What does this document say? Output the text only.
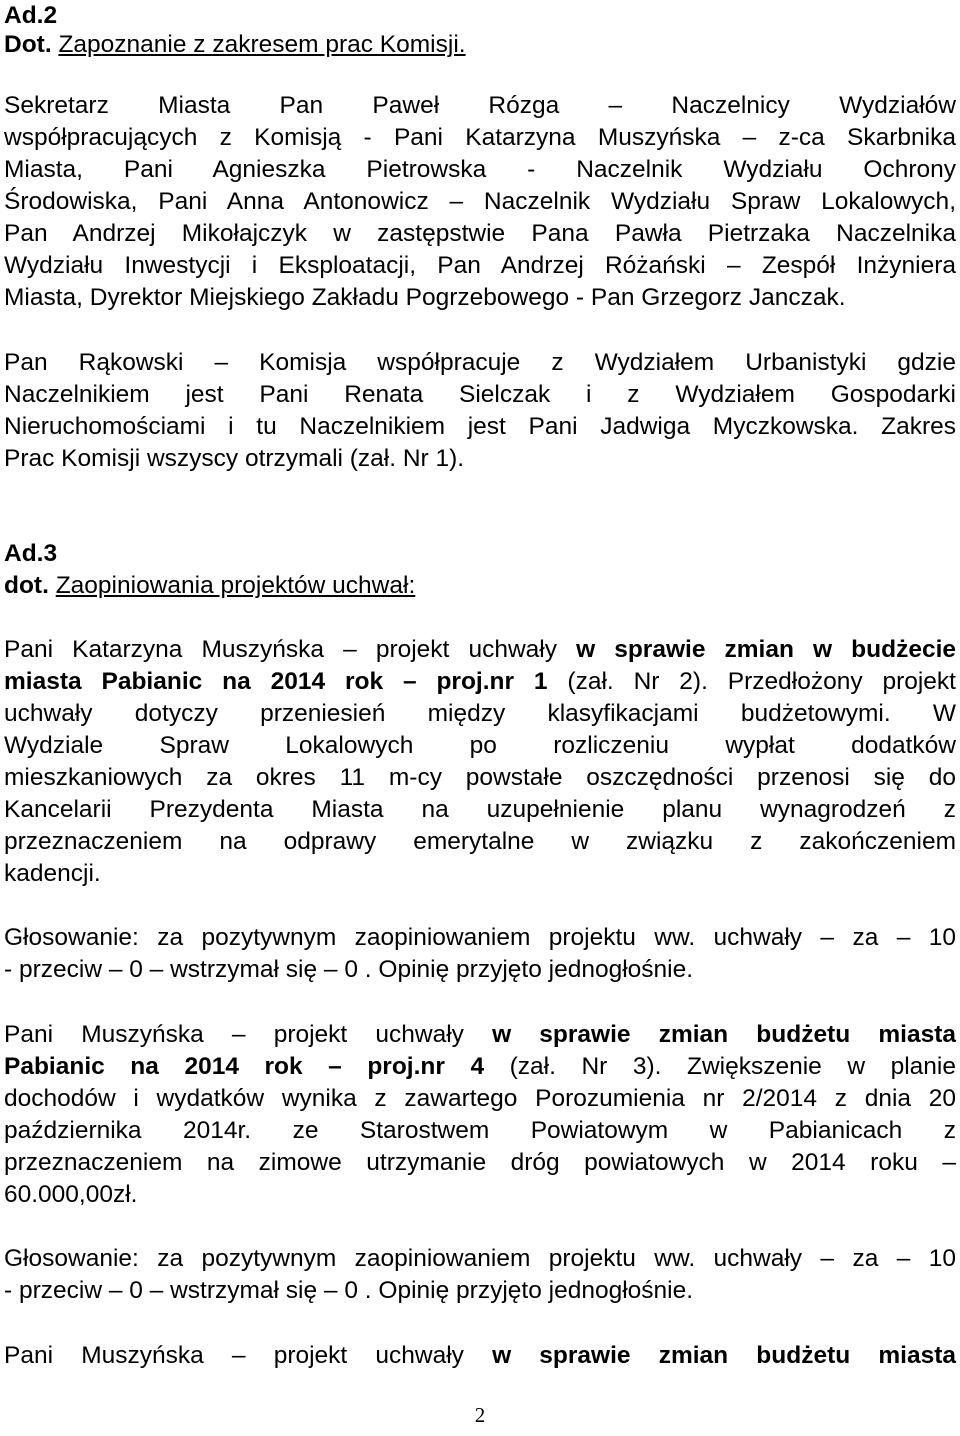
Ad.2
Dot. Zapoznanie z zakresem prac Komisji.
Sekretarz Miasta Pan Paweł Rózga – Naczelnicy Wydziałów
współpracujących z Komisją - Pani Katarzyna Muszyńska – z-ca Skarbnika
Miasta, Pani Agnieszka Pietrowska - Naczelnik Wydziału Ochrony
Środowiska, Pani Anna Antonowicz – Naczelnik Wydziału Spraw Lokalowych,
Pan Andrzej Mikołajczyk w zastępstwie Pana Pawła Pietrzaka Naczelnika
Wydziału Inwestycji i Eksploatacji, Pan Andrzej Różański – Zespół Inżyniera
Miasta, Dyrektor Miejskiego Zakładu Pogrzebowego - Pan Grzegorz Janczak.
Pan Rąkowski – Komisja współpracuje z Wydziałem Urbanistyki gdzie
Naczelnikiem jest Pani Renata Sielczak i z Wydziałem Gospodarki
Nieruchomościami i tu Naczelnikiem jest Pani Jadwiga Myczkowska. Zakres
Prac Komisji wszyscy otrzymali (zał. Nr 1).
Ad.3
dot. Zaopiniowania projektów uchwał:
Pani Katarzyna Muszyńska – projekt uchwały w sprawie zmian w budżecie
miasta Pabianic na 2014 rok – proj.nr 1 (zał. Nr 2). Przedłożony projekt
uchwały dotyczy przeniesień między klasyfikacjami budżetowymi. W
Wydziale Spraw Lokalowych po rozliczeniu wypłat dodatków
mieszkaniowych za okres 11 m-cy powstałe oszczędności przenosi się do
Kancelarii Prezydenta Miasta na uzupełnienie planu wynagrodzeń z
przeznaczeniem na odprawy emerytalne w związku z zakończeniem
kadencji.
Głosowanie: za pozytywnym zaopiniowaniem projektu ww. uchwały – za – 10
- przeciw – 0 – wstrzymał się – 0 . Opinię przyjęto jednogłośnie.
Pani Muszyńska – projekt uchwały w sprawie zmian budżetu miasta
Pabianic na 2014 rok – proj.nr 4 (zał. Nr 3). Zwiększenie w planie
dochodów i wydatków wynika z zawartego Porozumienia nr 2/2014 z dnia 20
października 2014r. ze Starostwem Powiatowym w Pabianicach z
przeznaczeniem na zimowe utrzymanie dróg powiatowych w 2014 roku –
60.000,00zł.
Głosowanie: za pozytywnym zaopiniowaniem projektu ww. uchwały – za – 10
- przeciw – 0 – wstrzymał się – 0 . Opinię przyjęto jednogłośnie.
Pani Muszyńska – projekt uchwały w sprawie zmian budżetu miasta
2
